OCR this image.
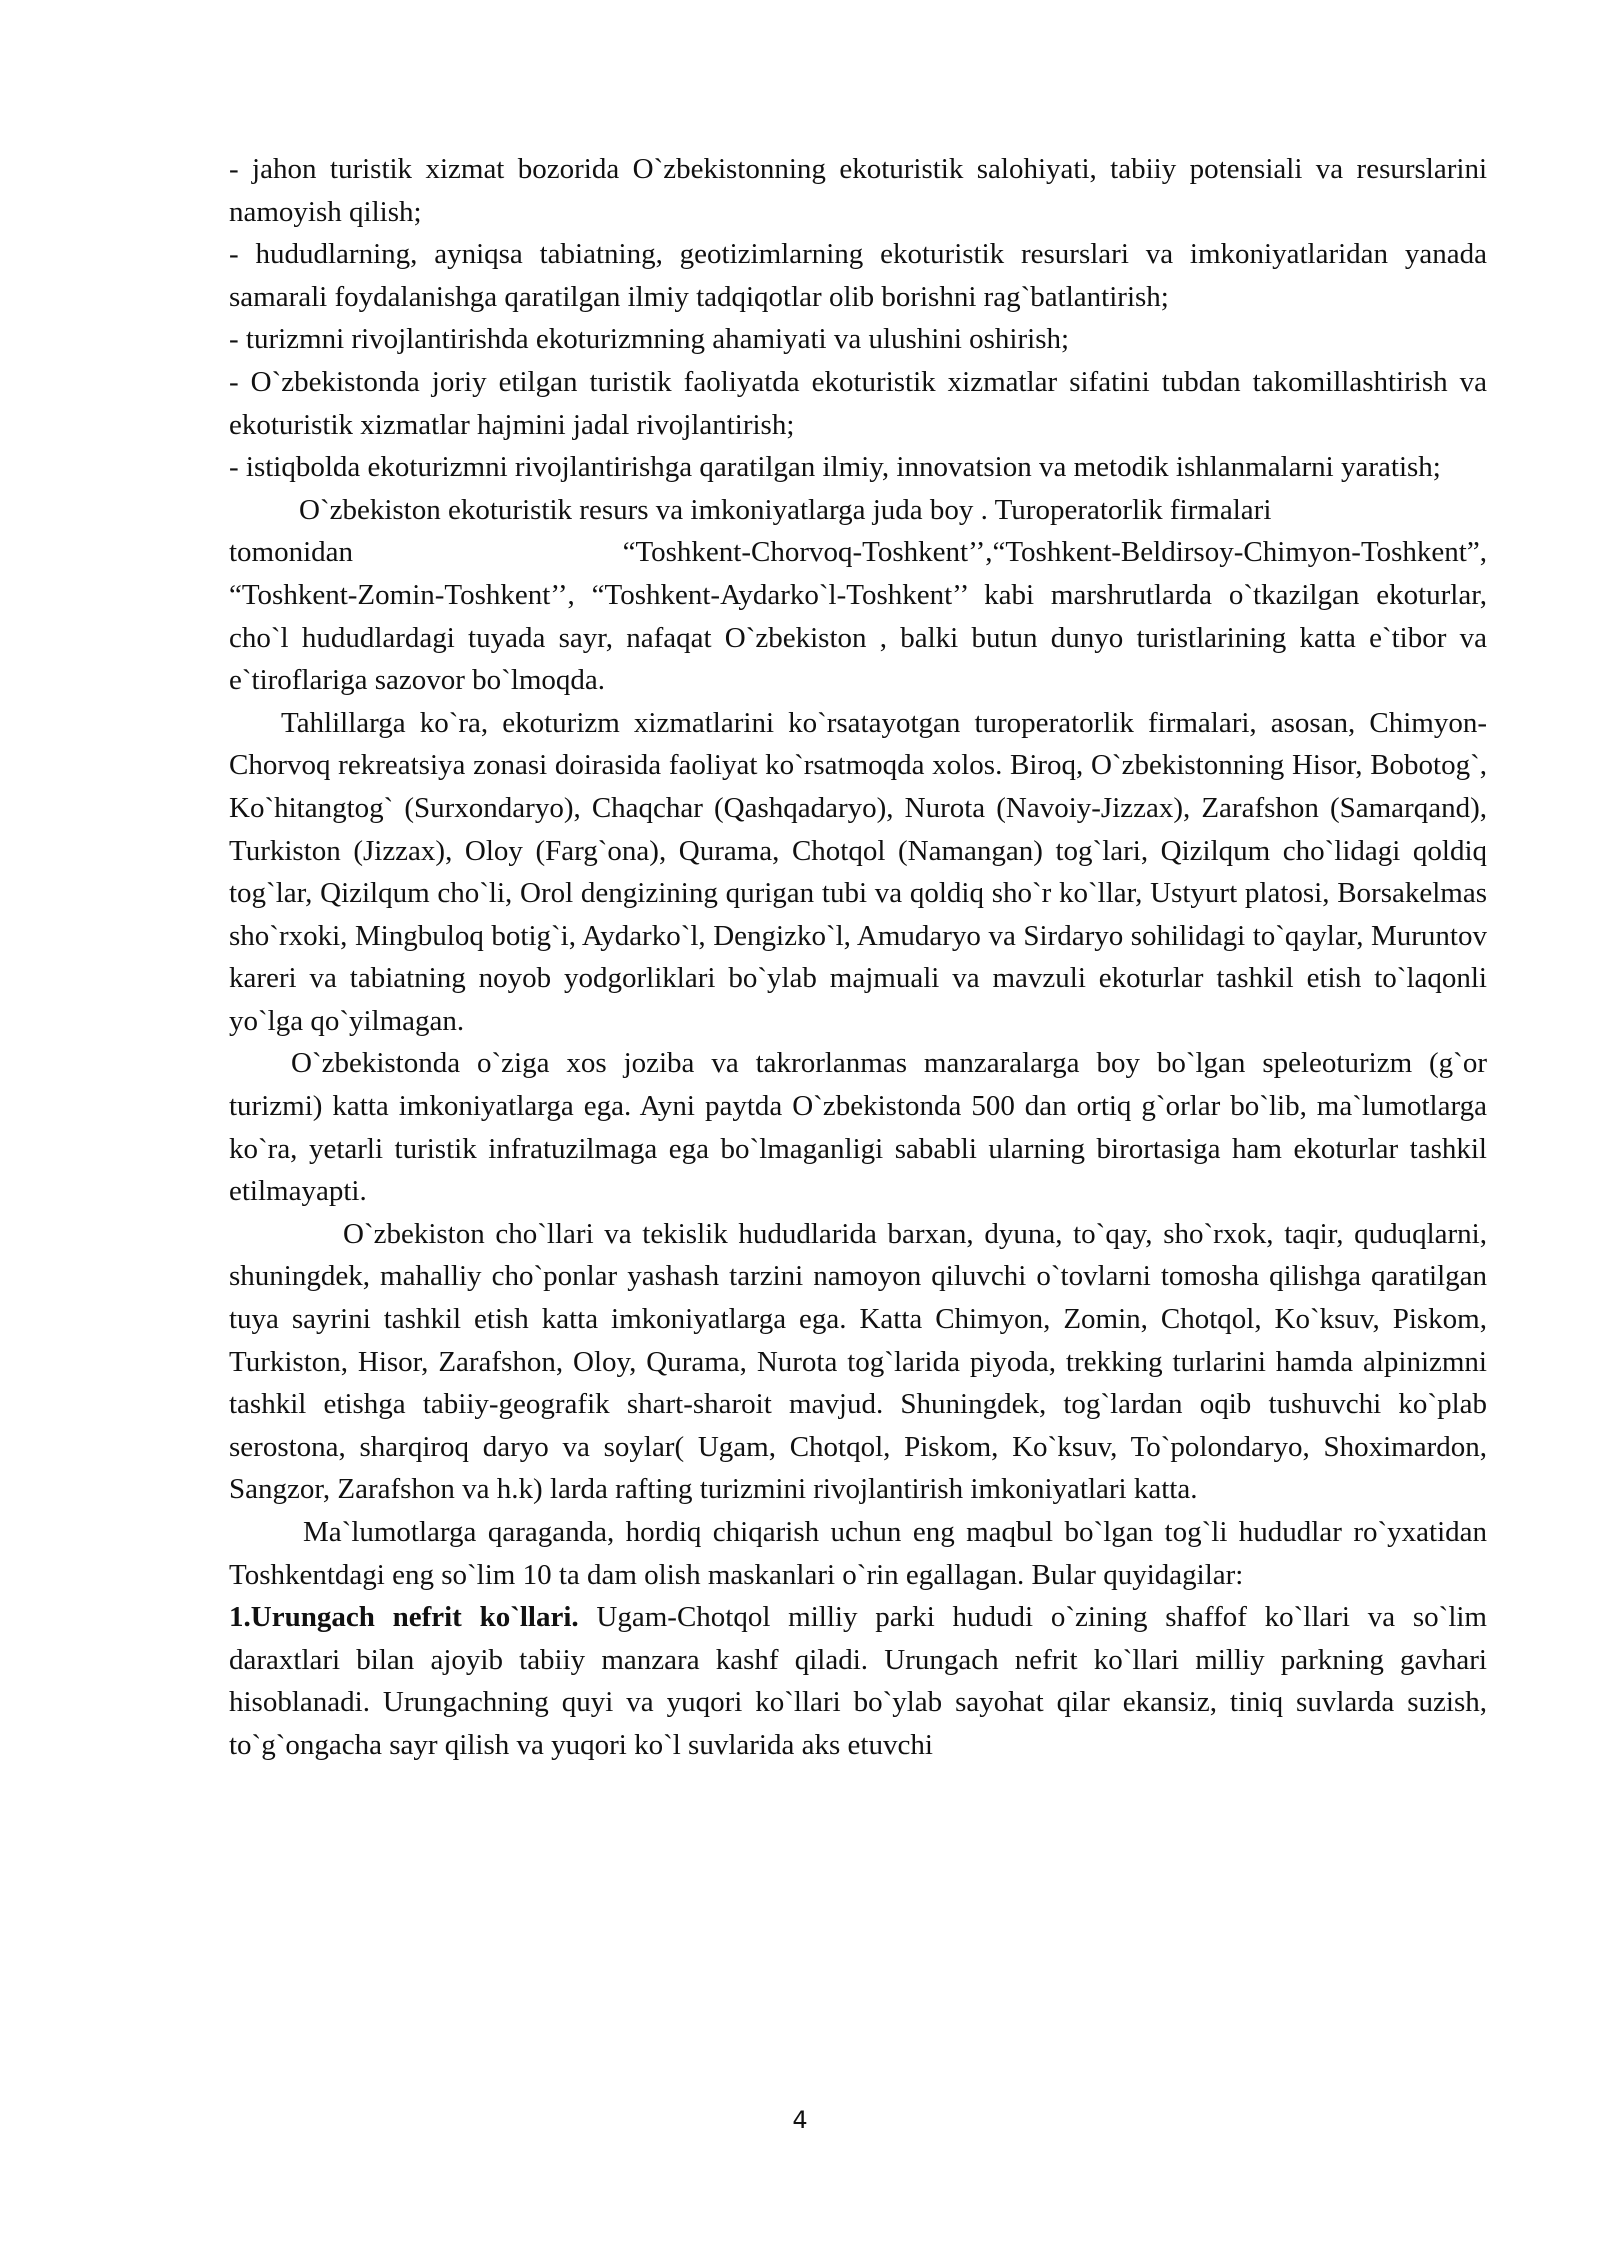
- jahon turistik xizmat bozorida O`zbekistonning ekoturistik salohiyati, tabiiy potensiali va resurslarini namoyish qilish;

- hududlarning, ayniqsa tabiatning, geotizimlarning ekoturistik resurslari va imkoniyatlaridan yanada samarali foydalanishga qaratilgan ilmiy tadqiqotlar olib borishni rag`batlantirish;

- turizmni rivojlantirishda ekoturizmning ahamiyati va ulushini oshirish;

- O`zbekistonda joriy etilgan turistik faoliyatda ekoturistik xizmatlar sifatini tubdan takomillashtirish va ekoturistik xizmatlar hajmini jadal rivojlantirish;

- istiqbolda ekoturizmni rivojlantirishga qaratilgan ilmiy, innovatsion va metodik ishlanmalarni yaratish;

O`zbekiston ekoturistik resurs va imkoniyatlarga juda boy . Turoperatorlik firmalari

tomonidan	“Toshkent-Chorvoq-Toshkent’’,“Toshkent-Beldirsoy-Chimyon-Toshkent”,

“Toshkent-Zomin-Toshkent’’, “Toshkent-Aydarko`l-Toshkent’’ kabi marshrutlarda o`tkazilgan ekoturlar, cho`l hududlardagi tuyada sayr, nafaqat O`zbekiston , balki butun dunyo turistlarining katta e`tibor va e`tiroflariga sazovor bo`lmoqda.

Tahlillarga ko`ra, ekoturizm xizmatlarini ko`rsatayotgan turoperatorlik firmalari, asosan, Chimyon-Chorvoq rekreatsiya zonasi doirasida faoliyat ko`rsatmoqda xolos. Biroq, O`zbekistonning Hisor, Bobotog`, Ko`hitangtog` (Surxondaryo), Chaqchar (Qashqadaryo), Nurota (Navoiy-Jizzax), Zarafshon (Samarqand), Turkiston (Jizzax), Oloy (Farg`ona), Qurama, Chotqol (Namangan) tog`lari, Qizilqum cho`lidagi qoldiq tog`lar, Qizilqum cho`li, Orol dengizining qurigan tubi va qoldiq sho`r ko`llar, Ustyurt platosi, Borsakelmas sho`rxoki, Mingbuloq botig`i, Aydarko`l, Dengizko`l, Amudaryo va Sirdaryo sohilidagi to`qaylar, Muruntov kareri va tabiatning noyob yodgorliklari bo`ylab majmuali va mavzuli ekoturlar tashkil etish to`laqonli yo`lga qo`yilmagan.

O`zbekistonda o`ziga xos joziba va takrorlanmas manzaralarga boy bo`lgan speleoturizm (g`or turizmi) katta imkoniyatlarga ega. Ayni paytda O`zbekistonda 500 dan ortiq g`orlar bo`lib, ma`lumotlarga ko`ra, yetarli turistik infratuzilmaga ega bo`lmaganligi sababli ularning birortasiga ham ekoturlar tashkil etilmayapti.

O`zbekiston cho`llari va tekislik hududlarida barxan, dyuna, to`qay, sho`rxok, taqir, quduqlarni, shuningdek, mahalliy cho`ponlar yashash tarzini namoyon qiluvchi o`tovlarni tomosha qilishga qaratilgan tuya sayrini tashkil etish katta imkoniyatlarga ega. Katta Chimyon, Zomin, Chotqol, Ko`ksuv, Piskom, Turkiston, Hisor, Zarafshon, Oloy, Qurama, Nurota tog`larida piyoda, trekking turlarini hamda alpinizmni tashkil etishga tabiiy-geografik shart-sharoit mavjud. Shuningdek, tog`lardan oqib tushuvchi ko`plab serostona, sharqiroq daryo va soylar( Ugam, Chotqol, Piskom, Ko`ksuv, To`polondaryo, Shoximardon, Sangzor, Zarafshon va h.k) larda rafting turizmini rivojlantirish imkoniyatlari katta.

Ma`lumotlarga qaraganda, hordiq chiqarish uchun eng maqbul bo`lgan tog`li hududlar ro`yxatidan Toshkentdagi eng so`lim 10 ta dam olish maskanlari o`rin egallagan. Bular quyidagilar:

1.Urungach nefrit ko`llari. Ugam-Chotqol milliy parki hududi o`zining shaffof ko`llari va so`lim daraxtlari bilan ajoyib tabiiy manzara kashf qiladi. Urungach nefrit ko`llari milliy parkning gavhari hisoblanadi. Urungachning quyi va yuqori ko`llari bo`ylab sayohat qilar ekansiz, tiniq suvlarda suzish, to`g`ongacha sayr qilish va yuqori ko`l suvlarida aks etuvchi

4
